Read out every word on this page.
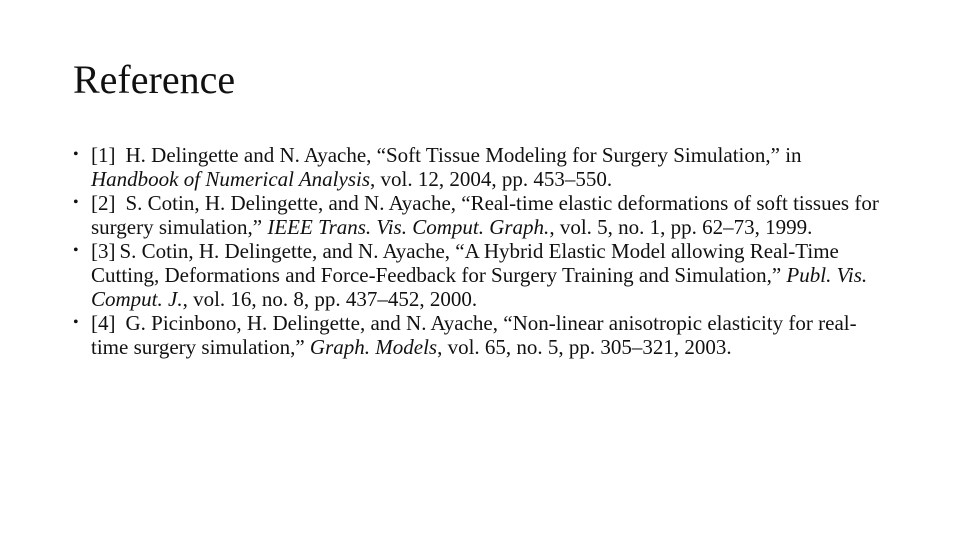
Reference
• [1] H. Delingette and N. Ayache, “Soft Tissue Modeling for Surgery Simulation,” in Handbook of Numerical Analysis, vol. 12, 2004, pp. 453–550.
• [2] S. Cotin, H. Delingette, and N. Ayache, “Real-time elastic deformations of soft tissues for surgery simulation,” IEEE Trans. Vis. Comput. Graph., vol. 5, no. 1, pp. 62–73, 1999.
• [3] S. Cotin, H. Delingette, and N. Ayache, “A Hybrid Elastic Model allowing Real-Time Cutting, Deformations and Force-Feedback for Surgery Training and Simulation,” Publ. Vis. Comput. J., vol. 16, no. 8, pp. 437–452, 2000.
• [4] G. Picinbono, H. Delingette, and N. Ayache, “Non-linear anisotropic elasticity for real-time surgery simulation,” Graph. Models, vol. 65, no. 5, pp. 305–321, 2003.
